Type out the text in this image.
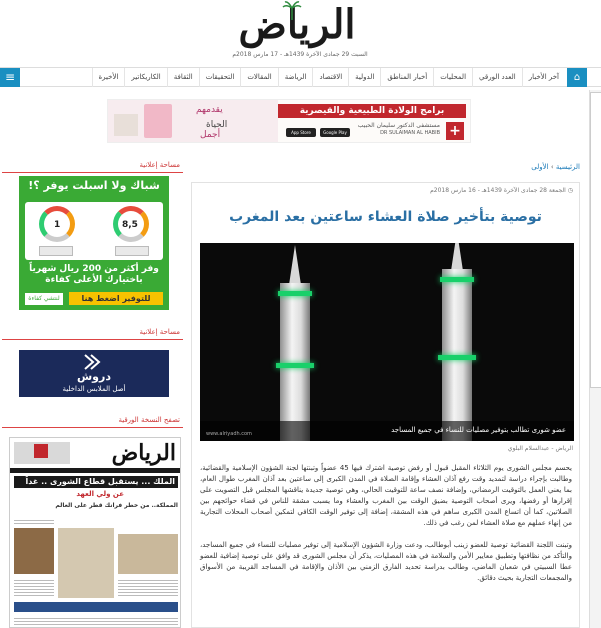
الرياض
السبت 29 جمادى الآخرة 1439هـ - 17 مارس 2018م
≡	آخر الأخبار
العدد الورقي
المحليات
أخبار المناطق
الدولية
الاقتصاد
الرياضة
المقالات
التحقيقات
الثقافة
الكاريكاتير
الأخيرة	⌂
يقدمهم
الحياة
أجمل	App Store	Google Play
برامج الولادة الطبيعية والقيصرية
مستشفى الدكتور سليمان الحبيب
DR SULAIMAN AL HABIB +
مساحة إعلانية
شباك ولا اسبلت يوفر ؟!
1	8,5
وفر أكثر من 200 ريال شهرياً
باختيارك الأعلى كفاءة
لنتشي كفاءة	للتوفير اضغط هنا
مساحة إعلانية
دروش
أصل الملابس الداخلية
تصفح النسخة الورقية
الرياض
الملك ... يستقبل قطاع الشورى .. غداً
عن ولي العهد
المملكة.. من خطر فرانك قطر على العالم
الرئيسية › الأولى
◷ الجمعة 28 جمادى الآخرة 1439هـ - 16 مارس 2018م
توصية بتأخير صلاة العشاء ساعتين بعد المغرب
عضو شورى تطالب بتوفير مصليات للنساء في جميع المساجد
www.alriyadh.com
الرياض - عبدالسلام البلوي

يحسم مجلس الشورى يوم الثلاثاء المقبل قبول أو رفض توصية اشترك فيها 45 عضواً وتبنتها لجنة الشؤون الإسلامية والقضائية، وطالبت بإجراء دراسة لتمديد وقت رفع آذان العشاء وإقامة الصلاة في المدن الكبرى إلى ساعتين بعد آذان المغرب طوال العام، بما يعني العمل بالتوقيت الرمضاني، وإضافة نصف ساعة للتوقيت الحالي، وهي توصية جديدة يناقشها المجلس قبل التصويت على إقرارها أو رفضها، ويرى أصحاب التوصية بضيق الوقت بين المغرب والعشاء وما يسبب مشقة للناس في قضاء حوائجهم بين الصلاتين، كما أن اتساع المدن الكبرى ساهم في هذه المشقة، إضافة إلى توفير الوقت الكافي لتمكين أصحاب المحلات التجارية من إنهاء عملهم مع صلاة العشاء لمن رغب في ذلك.

وتبنت اللجنة القضائية توصية للعضو زينب أبوطالب، ودعت وزارة الشؤون الإسلامية إلى توفير مصليات للنساء في جميع المساجد، والتأكد من نظافتها وتطبيق معايير الأمن والسلامة في هذه المصليات، يذكر أن مجلس الشورى قد وافق على توصية إضافية للعضو عطا السبيتي في شعبان الماضي، وطالب بدراسة تحديد الفارق الزمني بين الأذان والإقامة في المساجد القريبة من الأسواق والمجمعات التجارية بحيث دقائق.
